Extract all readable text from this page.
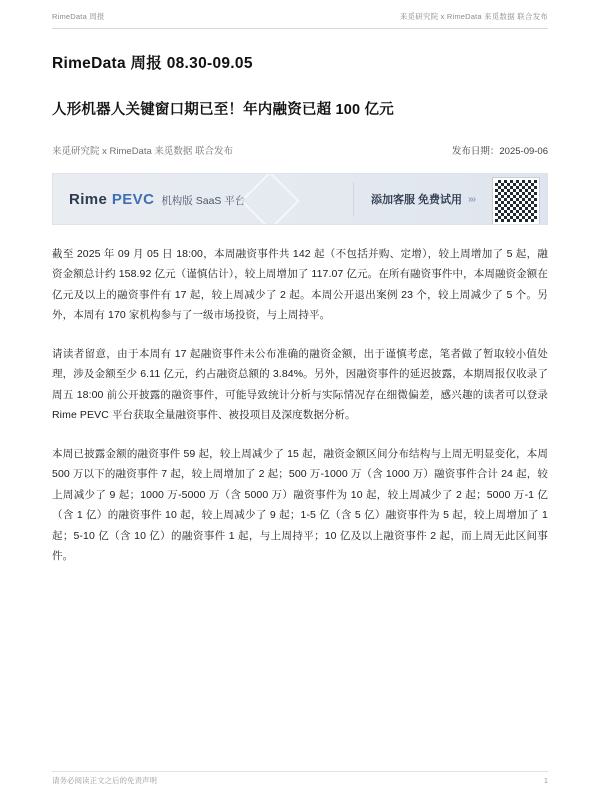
RimeData 周报	来觅研究院 x RimeData 来觅数据 联合发布
RimeData 周报 08.30-09.05
人形机器人关键窗口期已至！年内融资已超 100 亿元
来觅研究院 x RimeData 来觅数据 联合发布	发布日期：2025-09-06
Rime PEVC 机构版 SaaS 平台	添加客服 免费试用 ›››
截至 2025 年 09 月 05 日 18:00，本周融资事件共 142 起（不包括并购、定增），较上周增加了 5 起，融资金额总计约 158.92 亿元（谨慎估计），较上周增加了 117.07 亿元。在所有融资事件中，本周融资金额在亿元及以上的融资事件有 17 起，较上周减少了 2 起。本周公开退出案例 23 个，较上周减少了 5 个。另外，本周有 170 家机构参与了一级市场投资，与上周持平。
请读者留意，由于本周有 17 起融资事件未公布准确的融资金额，出于谨慎考虑，笔者做了暂取较小值处理，涉及金额至少 6.11 亿元，约占融资总额的 3.84%。另外，因融资事件的延迟披露，本期周报仅收录了周五 18:00 前公开披露的融资事件，可能导致统计分析与实际情况存在细微偏差，感兴趣的读者可以登录 Rime PEVC 平台获取全量融资事件、被投项目及深度数据分析。
本周已披露金额的融资事件 59 起，较上周减少了 15 起，融资金额区间分布结构与上周无明显变化，本周 500 万以下的融资事件 7 起，较上周增加了 2 起；500 万-1000 万（含 1000 万）融资事件合计 24 起，较上周减少了 9 起；1000 万-5000 万（含 5000 万）融资事件为 10 起，较上周减少了 2 起；5000 万-1 亿（含 1 亿）的融资事件 10 起，较上周减少了 9 起；1-5 亿（含 5 亿）融资事件为 5 起，较上周增加了 1 起；5-10 亿（含 10 亿）的融资事件 1 起，与上周持平；10 亿及以上融资事件 2 起，而上周无此区间事件。
请务必阅读正文之后的免责声明	1
